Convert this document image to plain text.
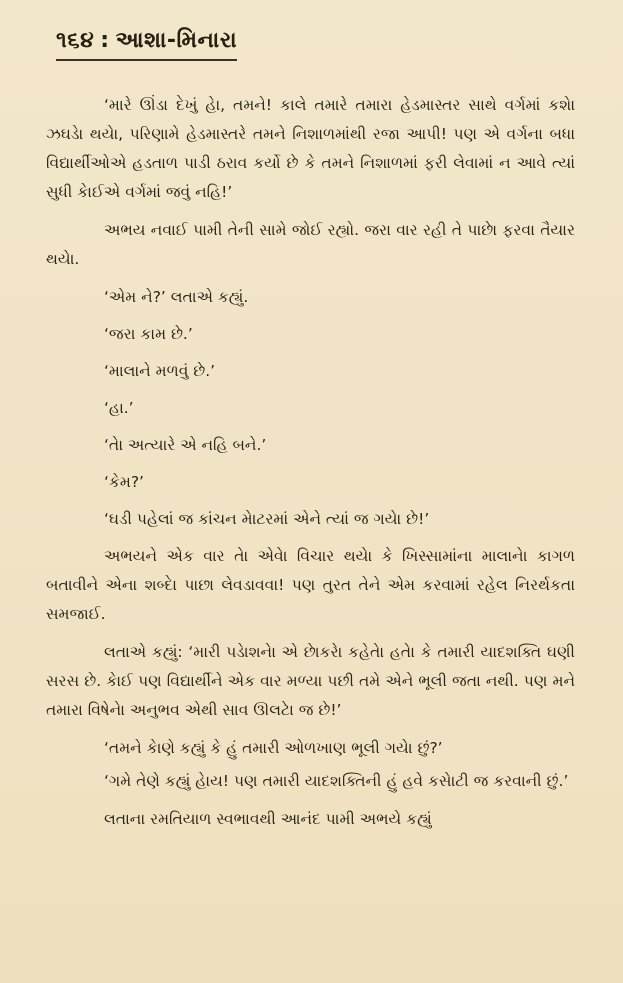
૧૬૪ : આશા-મિનારા

‘મારે ઊંડા દેખું હેા, તમને! કાલે તમારે તમારા હેડમાસ્તર સાથે વર્ગમાં કશેા ઝઘડેા થયેા, પરિણામે હેડમાસ્તરે તમને નિશાળમાંથી રજા આપી! પણ એ વર્ગના બધા વિદ્યાર્થીઓએ હડતાળ પાડી ઠરાવ કર્યો છે કે તમને નિશાળમાં ફરી લેવામાં ન આવે ત્યાં સુધી કેાઈએ વર્ગમાં જવું નહિ!’

અભય નવાઈ પામી તેની સામે જોઈ રહ્યો. જરા વાર રહી તે પાછેા ફરવા તૈયાર થયેા.

‘એમ ને?’ લતાએ કહ્યું.

‘જરા કામ છે.’

‘માલાને મળવું છે.’

‘હા.’

‘તેા અત્યારે એ નહિ બને.’

‘કેમ?’

‘ઘડી પહેલાં જ કાંચન મેાટરમાં એને ત્યાં જ ગયેા છે!’

અભયને એક વાર તેા એવેા વિચાર થયેા કે ખિસ્સામાંના માલાનેા કાગળ બતાવીને એના શબ્દેા પાછા લેવડાવવા! પણ તુરત તેને એમ કરવામાં રહેલ નિરર્થકતા સમજાઈ.

લતાએ કહ્યું: ‘મારી પડેાશનેા એ છેાકરેા કહેતેા હતેા કે તમારી યાદશક્તિ ઘણી સરસ છે. કેાઈ પણ વિદ્યાર્થીને એક વાર મળ્યા પછી તમે એને ભૂલી જતા નથી. પણ મને તમારા વિષેનેા અનુભવ એથી સાવ ઊલટેા જ છે!’

‘તમને કેાણે કહ્યું કે હું તમારી ઓળખાણ ભૂલી ગયેા છું?’

‘ગમે તેણે કહ્યું હેાય! પણ તમારી યાદશક્તિની હું હવે કસેાટી જ કરવાની છું.’

લતાના રમતિયાળ સ્વભાવથી આનંદ પામી અભયે કહ્યું
